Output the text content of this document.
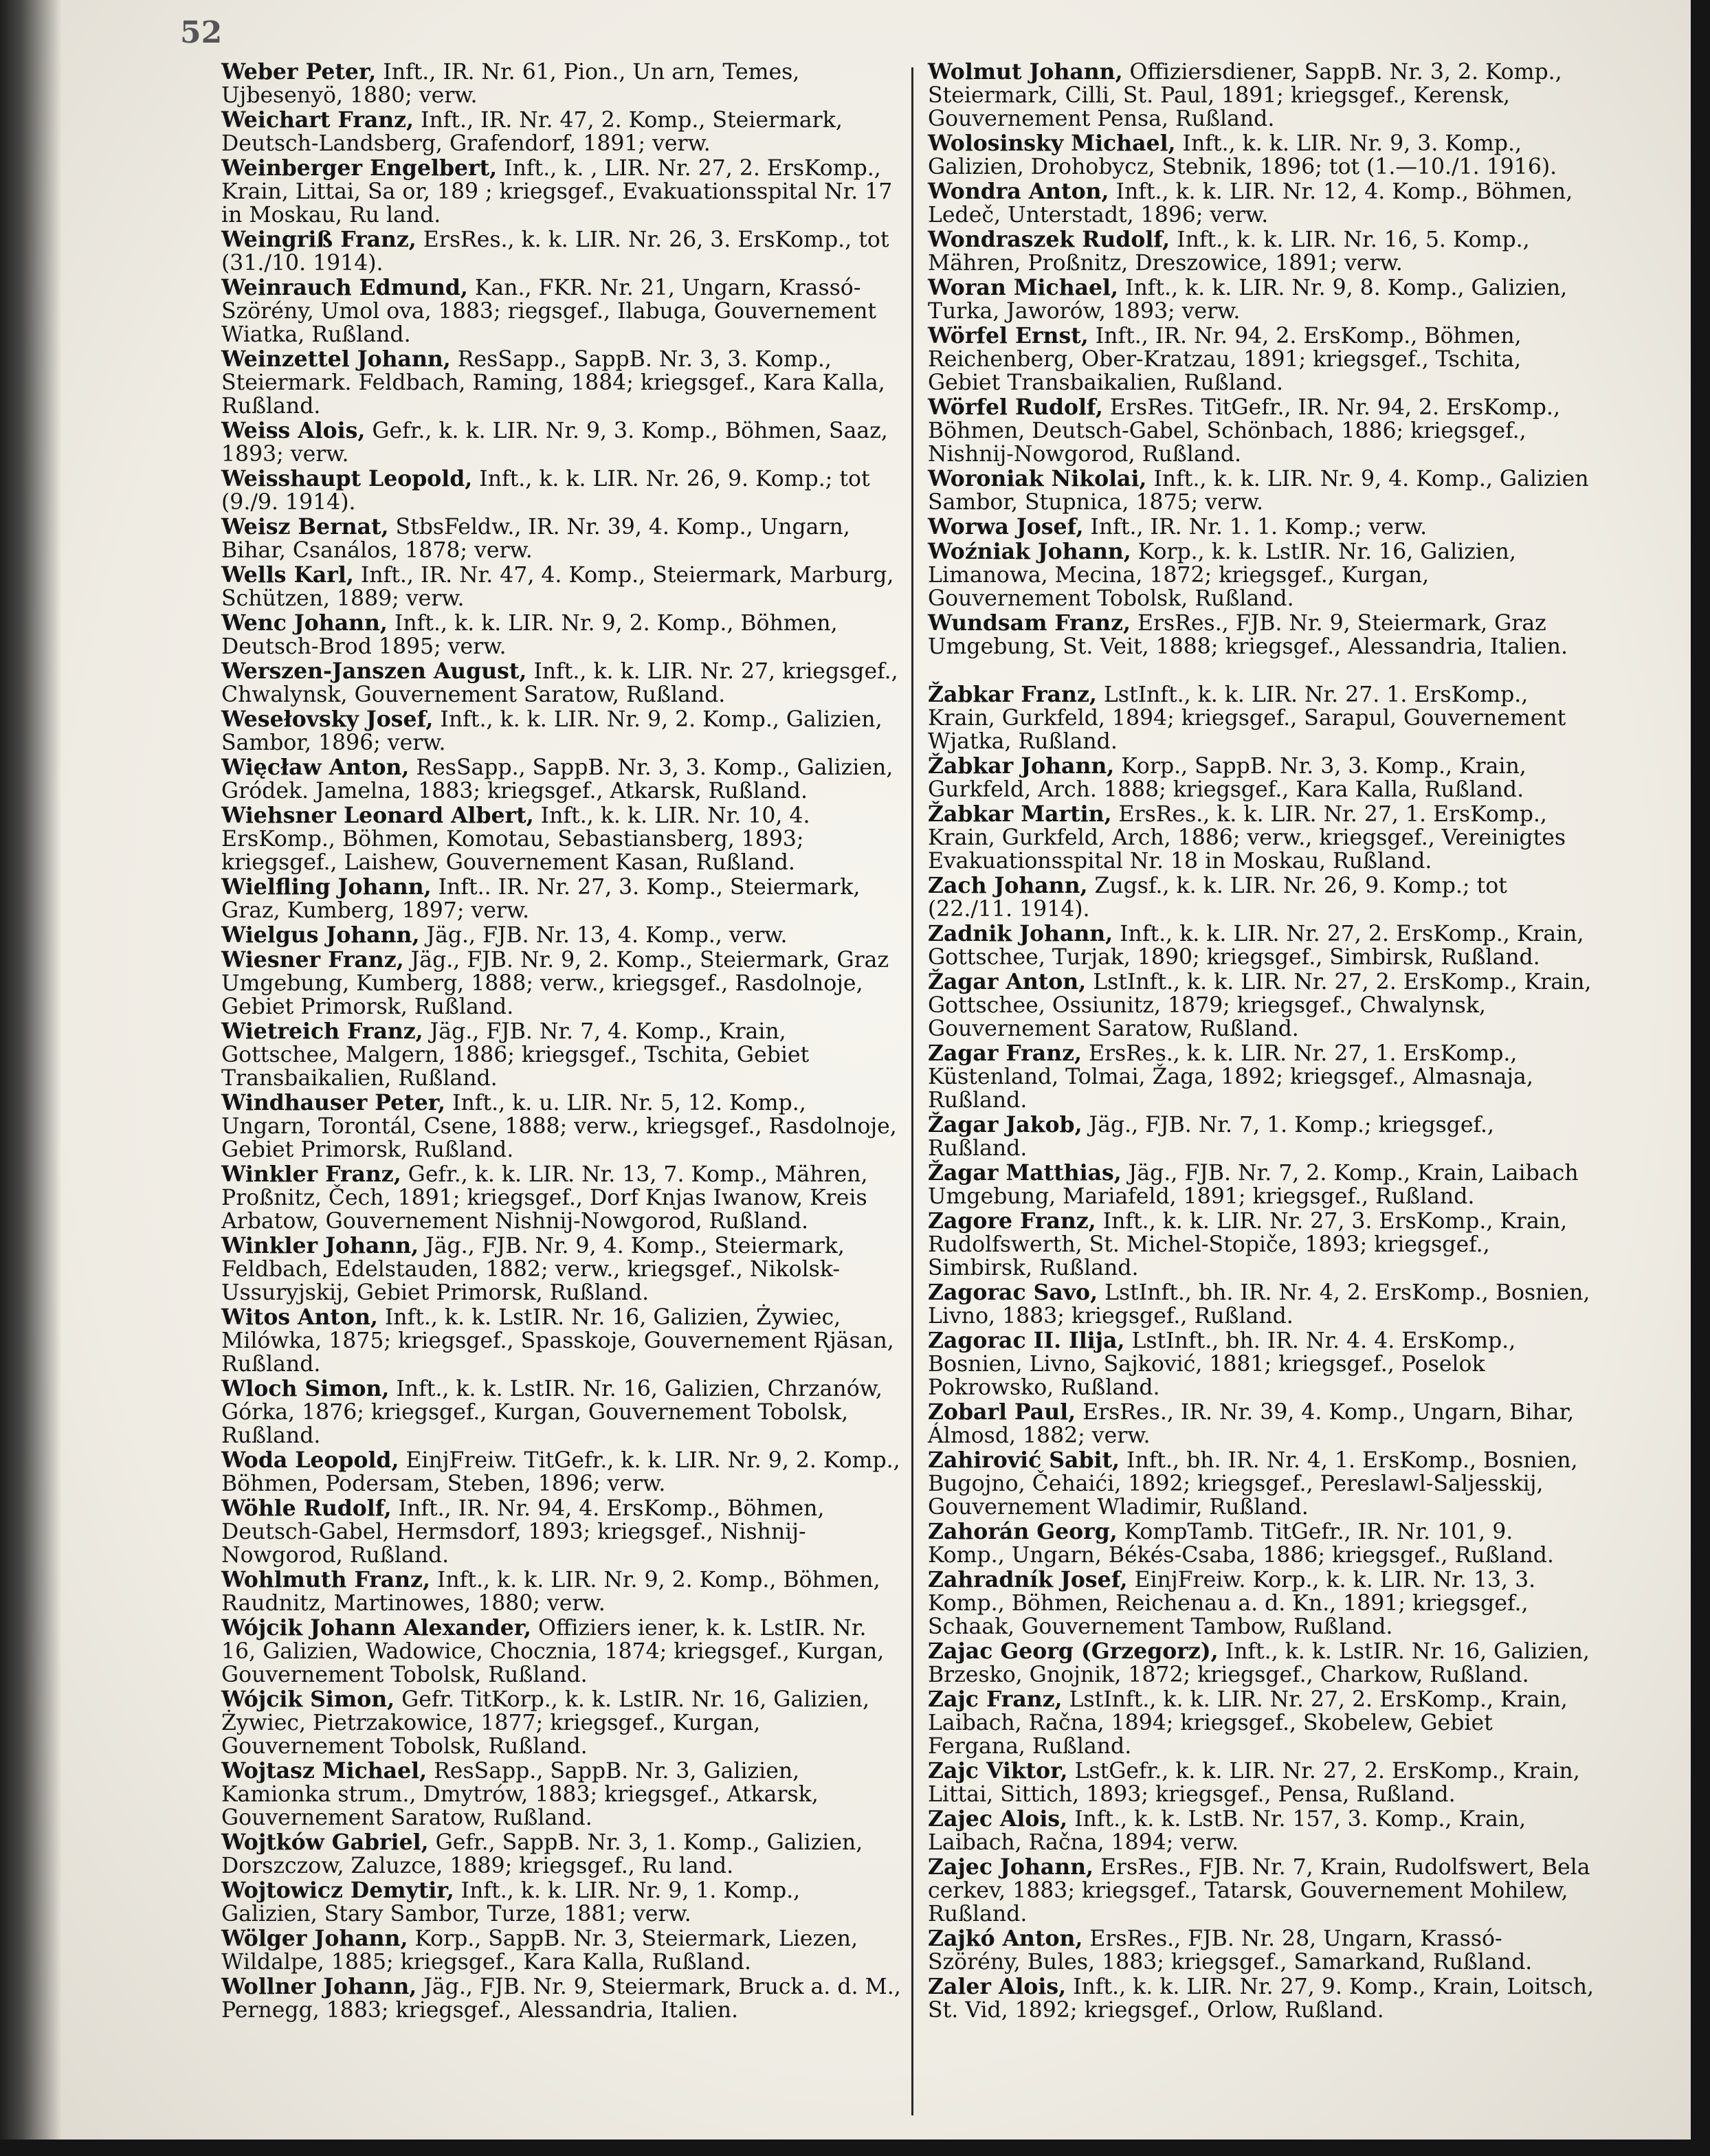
52
Weber Peter, Inft., IR. Nr. 61, Pion., Un arn, Temes, Ujbesenyö, 1880; verw.
Weichart Franz, Inft., IR. Nr. 47, 2. Komp., Steiermark, Deutsch-Landsberg, Grafendorf, 1891; verw.
Weinberger Engelbert, Inft., k. , LIR. Nr. 27, 2. ErsKomp., Krain, Littai, Sa or, 189 ; kriegsgef., Evakuationsspital Nr. 17 in Moskau, Ru land.
Weingriß Franz, ErsRes., k. k. LIR. Nr. 26, 3. ErsKomp., tot (31./10. 1914).
Weinrauch Edmund, Kan., FKR. Nr. 21, Ungarn, Krassó-Szörény, Umol ova, 1883; riegsgef., Ilabuga, Gouvernement Wiatka, Rußland.
Weinzettel Johann, ResSapp., SappB. Nr. 3, 3. Komp., Steiermark. Feldbach, Raming, 1884; kriegsgef., Kara Kalla, Rußland.
Weiss Alois, Gefr., k. k. LIR. Nr. 9, 3. Komp., Böhmen, Saaz, 1893; verw.
Weisshaupt Leopold, Inft., k. k. LIR. Nr. 26, 9. Komp.; tot (9./9. 1914).
Weisz Bernat, StbsFeldw., IR. Nr. 39, 4. Komp., Ungarn, Bihar, Csanálos, 1878; verw.
Wells Karl, Inft., IR. Nr. 47, 4. Komp., Steiermark, Marburg, Schützen, 1889; verw.
Wenc Johann, Inft., k. k. LIR. Nr. 9, 2. Komp., Böhmen, Deutsch-Brod 1895; verw.
Werszen-Janszen August, Inft., k. k. LIR. Nr. 27, kriegsgef., Chwalynsk, Gouvernement Saratow, Rußland.
Wesełovsky Josef, Inft., k. k. LIR. Nr. 9, 2. Komp., Galizien, Sambor, 1896; verw.
Więcław Anton, ResSapp., SappB. Nr. 3, 3. Komp., Galizien, Gródek. Jamelna, 1883; kriegsgef., Atkarsk, Rußland.
Wiehsner Leonard Albert, Inft., k. k. LIR. Nr. 10, 4. ErsKomp., Böhmen, Komotau, Sebastiansberg, 1893; kriegsgef., Laishew, Gouvernement Kasan, Rußland.
Wielfling Johann, Inft.. IR. Nr. 27, 3. Komp., Steiermark, Graz, Kumberg, 1897; verw.
Wielgus Johann, Jäg., FJB. Nr. 13, 4. Komp., verw.
Wiesner Franz, Jäg., FJB. Nr. 9, 2. Komp., Steiermark, Graz Umgebung, Kumberg, 1888; verw., kriegsgef., Rasdolnoje, Gebiet Primorsk, Rußland.
Wietreich Franz, Jäg., FJB. Nr. 7, 4. Komp., Krain, Gottschee, Malgern, 1886; kriegsgef., Tschita, Gebiet Transbaikalien, Rußland.
Windhauser Peter, Inft., k. u. LIR. Nr. 5, 12. Komp., Ungarn, Torontál, Csene, 1888; verw., kriegsgef., Rasdolnoje, Gebiet Primorsk, Rußland.
Winkler Franz, Gefr., k. k. LIR. Nr. 13, 7. Komp., Mähren, Proßnitz, Čech, 1891; kriegsgef., Dorf Knjas Iwanow, Kreis Arbatow, Gouvernement Nishnij-Nowgorod, Rußland.
Winkler Johann, Jäg., FJB. Nr. 9, 4. Komp., Steiermark, Feldbach, Edelstauden, 1882; verw., kriegsgef., Nikolsk-Ussuryjskij, Gebiet Primorsk, Rußland.
Witos Anton, Inft., k. k. LstIR. Nr. 16, Galizien, Żywiec, Milówka, 1875; kriegsgef., Spasskoje, Gouvernement Rjäsan, Rußland.
Wloch Simon, Inft., k. k. LstIR. Nr. 16, Galizien, Chrzanów, Górka, 1876; kriegsgef., Kurgan, Gouvernement Tobolsk, Rußland.
Woda Leopold, EinjFreiw. TitGefr., k. k. LIR. Nr. 9, 2. Komp., Böhmen, Podersam, Steben, 1896; verw.
Wöhle Rudolf, Inft., IR. Nr. 94, 4. ErsKomp., Böhmen, Deutsch-Gabel, Hermsdorf, 1893; kriegsgef., Nishnij-Nowgorod, Rußland.
Wohlmuth Franz, Inft., k. k. LIR. Nr. 9, 2. Komp., Böhmen, Raudnitz, Martinowes, 1880; verw.
Wójcik Johann Alexander, Offiziers iener, k. k. LstIR. Nr. 16, Galizien, Wadowice, Chocznia, 1874; kriegsgef., Kurgan, Gouvernement Tobolsk, Rußland.
Wójcik Simon, Gefr. TitKorp., k. k. LstIR. Nr. 16, Galizien, Żywiec, Pietrzakowice, 1877; kriegsgef., Kurgan, Gouvernement Tobolsk, Rußland.
Wojtasz Michael, ResSapp., SappB. Nr. 3, Galizien, Kamionka strum., Dmytrów, 1883; kriegsgef., Atkarsk, Gouvernement Saratow, Rußland.
Wojtków Gabriel, Gefr., SappB. Nr. 3, 1. Komp., Galizien, Dorszczow, Zaluzce, 1889; kriegsgef., Ru land.
Wojtowicz Demytir, Inft., k. k. LIR. Nr. 9, 1. Komp., Galizien, Stary Sambor, Turze, 1881; verw.
Wölger Johann, Korp., SappB. Nr. 3, Steiermark, Liezen, Wildalpe, 1885; kriegsgef., Kara Kalla, Rußland.
Wollner Johann, Jäg., FJB. Nr. 9, Steiermark, Bruck a. d. M., Pernegg, 1883; kriegsgef., Alessandria, Italien.
Wolmut Johann, Offiziersdiener, SappB. Nr. 3, 2. Komp., Steiermark, Cilli, St. Paul, 1891; kriegsgef., Kerensk, Gouvernement Pensa, Rußland.
Wolosinsky Michael, Inft., k. k. LIR. Nr. 9, 3. Komp., Galizien, Drohobycz, Stebnik, 1896; tot (1.—10./1. 1916).
Wondra Anton, Inft., k. k. LIR. Nr. 12, 4. Komp., Böhmen, Ledeč, Unterstadt, 1896; verw.
Wondraszek Rudolf, Inft., k. k. LIR. Nr. 16, 5. Komp., Mähren, Proßnitz, Dreszowice, 1891; verw.
Woran Michael, Inft., k. k. LIR. Nr. 9, 8. Komp., Galizien, Turka, Jaworów, 1893; verw.
Wörfel Ernst, Inft., IR. Nr. 94, 2. ErsKomp., Böhmen, Reichenberg, Ober-Kratzau, 1891; kriegsgef., Tschita, Gebiet Transbaikalien, Rußland.
Wörfel Rudolf, ErsRes. TitGefr., IR. Nr. 94, 2. ErsKomp., Böhmen, Deutsch-Gabel, Schönbach, 1886; kriegsgef., Nishnij-Nowgorod, Rußland.
Woroniak Nikolai, Inft., k. k. LIR. Nr. 9, 4. Komp., Galizien Sambor, Stupnica, 1875; verw.
Worwa Josef, Inft., IR. Nr. 1. 1. Komp.; verw.
Woźniak Johann, Korp., k. k. LstIR. Nr. 16, Galizien, Limanowa, Mecina, 1872; kriegsgef., Kurgan, Gouvernement Tobolsk, Rußland.
Wundsam Franz, ErsRes., FJB. Nr. 9, Steiermark, Graz Umgebung, St. Veit, 1888; kriegsgef., Alessandria, Italien.
Žabkar Franz, LstInft., k. k. LIR. Nr. 27. 1. ErsKomp., Krain, Gurkfeld, 1894; kriegsgef., Sarapul, Gouvernement Wjatka, Rußland.
Žabkar Johann, Korp., SappB. Nr. 3, 3. Komp., Krain, Gurkfeld, Arch. 1888; kriegsgef., Kara Kalla, Rußland.
Žabkar Martin, ErsRes., k. k. LIR. Nr. 27, 1. ErsKomp., Krain, Gurkfeld, Arch, 1886; verw., kriegsgef., Vereinigtes Evakuationsspital Nr. 18 in Moskau, Rußland.
Zach Johann, Zugsf., k. k. LIR. Nr. 26, 9. Komp.; tot (22./11. 1914).
Zadnik Johann, Inft., k. k. LIR. Nr. 27, 2. ErsKomp., Krain, Gottschee, Turjak, 1890; kriegsgef., Simbirsk, Rußland.
Žagar Anton, LstInft., k. k. LIR. Nr. 27, 2. ErsKomp., Krain, Gottschee, Ossiunitz, 1879; kriegsgef., Chwalynsk, Gouvernement Saratow, Rußland.
Zagar Franz, ErsRes., k. k. LIR. Nr. 27, 1. ErsKomp., Küstenland, Tolmai, Žaga, 1892; kriegsgef., Almasnaja, Rußland.
Žagar Jakob, Jäg., FJB. Nr. 7, 1. Komp.; kriegsgef., Rußland.
Žagar Matthias, Jäg., FJB. Nr. 7, 2. Komp., Krain, Laibach Umgebung, Mariafeld, 1891; kriegsgef., Rußland.
Zagore Franz, Inft., k. k. LIR. Nr. 27, 3. ErsKomp., Krain, Rudolfswerth, St. Michel-Stopiče, 1893; kriegsgef., Simbirsk, Rußland.
Zagorac Savo, LstInft., bh. IR. Nr. 4, 2. ErsKomp., Bosnien, Livno, 1883; kriegsgef., Rußland.
Zagorac II. Ilija, LstInft., bh. IR. Nr. 4. 4. ErsKomp., Bosnien, Livno, Sajković, 1881; kriegsgef., Poselok Pokrowsko, Rußland.
Zobarl Paul, ErsRes., IR. Nr. 39, 4. Komp., Ungarn, Bihar, Álmosd, 1882; verw.
Zahirović Sabit, Inft., bh. IR. Nr. 4, 1. ErsKomp., Bosnien, Bugojno, Čehaići, 1892; kriegsgef., Pereslawl-Saljesskij, Gouvernement Wladimir, Rußland.
Zahorán Georg, KompTamb. TitGefr., IR. Nr. 101, 9. Komp., Ungarn, Békés-Csaba, 1886; kriegsgef., Rußland.
Zahradník Josef, EinjFreiw. Korp., k. k. LIR. Nr. 13, 3. Komp., Böhmen, Reichenau a. d. Kn., 1891; kriegsgef., Schaak, Gouvernement Tambow, Rußland.
Zajac Georg (Grzegorz), Inft., k. k. LstIR. Nr. 16, Galizien, Brzesko, Gnojnik, 1872; kriegsgef., Charkow, Rußland.
Zajc Franz, LstInft., k. k. LIR. Nr. 27, 2. ErsKomp., Krain, Laibach, Račna, 1894; kriegsgef., Skobelew, Gebiet Fergana, Rußland.
Zajc Viktor, LstGefr., k. k. LIR. Nr. 27, 2. ErsKomp., Krain, Littai, Sittich, 1893; kriegsgef., Pensa, Rußland.
Zajec Alois, Inft., k. k. LstB. Nr. 157, 3. Komp., Krain, Laibach, Račna, 1894; verw.
Zajec Johann, ErsRes., FJB. Nr. 7, Krain, Rudolfswert, Bela cerkev, 1883; kriegsgef., Tatarsk, Gouvernement Mohilew, Rußland.
Zajkó Anton, ErsRes., FJB. Nr. 28, Ungarn, Krassó-Szörény, Bules, 1883; kriegsgef., Samarkand, Rußland.
Zaler Alois, Inft., k. k. LIR. Nr. 27, 9. Komp., Krain, Loitsch, St. Vid, 1892; kriegsgef., Orlow, Rußland.
